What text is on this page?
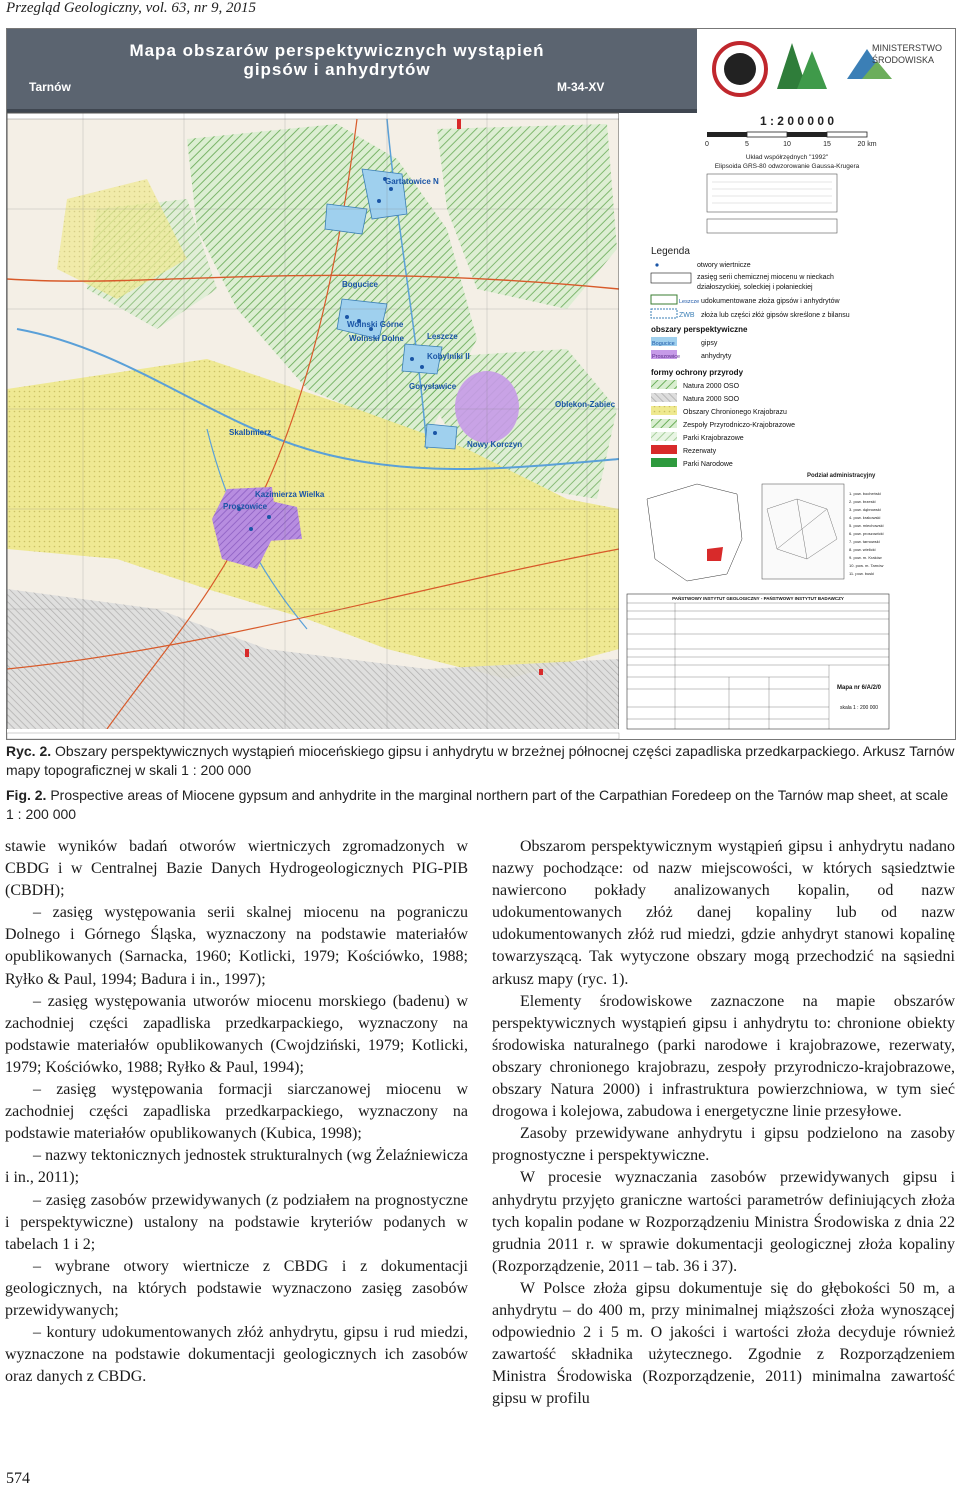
Przegląd Geologiczny, vol. 63, nr 9, 2015
Mapa obszarów perspektywicznych wystąpień
gipsów i anhydrytów
Tarnów	M-34-XV
MINISTERSTWO
ŚRODOWISKA
Gartatowice N
Bogucice
Wolnski Górne
Wolnski Dolne	Leszcze
Skalbmierz
Kazimierza Wielka
Proszowice
Nowy Korczyn
Oblekon-Zabiec
Kobylniki II
Gorysławice
1 : 2 0 0 0 0 0
0	5	10	15	20 km
Układ współrzędnych "1992"
Elipsoida GRS-80 odwzorowanie Gaussa-Krugera
Legenda
otwory wiertnicze
zasięg serii chemicznej miocenu w nieckach
działoszyckiej, soleckiej i połanieckiej
Leszcze udokumentowane złoża gipsów i anhydrytów
ZWB złoża lub części złóż gipsów skreślone z bilansu
obszary perspektywiczne
Bogucice	gipsy
Proszowice	anhydryty
formy ochrony przyrody
Natura 2000 OSO
Natura 2000 SOO
Obszary Chronionego Krajobrazu
Zespoły Przyrodniczo-Krajobrazowe
Parki Krajobrazowe
Rezerwaty
Parki Narodowe
Podział administracyjny
1. pow. bocheński
2. pow. brzeski
3. pow. dąbrowski
4. pow. krakowski
5. pow. miechowski
6. pow. proszowicki
7. pow. tarnowski
8. pow. wielicki
9. pow. m. Kraków
10. pow. m. Tarnów
11. pow. buski
PAŃSTWOWY INSTYTUT GEOLOGICZNY - PAŃSTWOWY INSTYTUT BADAWCZY
Mapa nr 6/A/2/0
skala 1 : 200 000
Ryc. 2. Obszary perspektywicznych wystąpień mioceńskiego gipsu i anhydrytu w brzeżnej północnej części zapadliska przedkarpackiego. Arkusz Tarnów mapy topograficznej w skali 1 : 200 000
Fig. 2. Prospective areas of Miocene gypsum and anhydrite in the marginal northern part of the Carpathian Foredeep on the Tarnów map sheet, at scale 1 : 200 000

stawie wyników badań otworów wiertniczych zgromadzonych w CBDG i w Centralnej Bazie Danych Hydrogeologicznych PIG-PIB (CBDH);

– zasięg występowania serii skalnej miocenu na pograniczu Dolnego i Górnego Śląska, wyznaczony na podstawie materiałów opublikowanych (Sarnacka, 1960; Kotlicki, 1979; Kościówko, 1988; Ryłko & Paul, 1994; Badura i in., 1997);

– zasięg występowania utworów miocenu morskiego (badenu) w zachodniej części zapadliska przedkarpackiego, wyznaczony na podstawie materiałów opublikowanych (Cwojdziński, 1979; Kotlicki, 1979; Kościówko, 1988; Ryłko & Paul, 1994);

– zasięg występowania formacji siarczanowej miocenu w zachodniej części zapadliska przedkarpackiego, wyznaczony na podstawie materiałów opublikowanych (Kubica, 1998);

– nazwy tektonicznych jednostek strukturalnych (wg Żelaźniewicza i in., 2011);

– zasięg zasobów przewidywanych (z podziałem na prognostyczne i perspektywiczne) ustalony na podstawie kryteriów podanych w tabelach 1 i 2;

– wybrane otwory wiertnicze z CBDG i z dokumentacji geologicznych, na których podstawie wyznaczono zasięg zasobów przewidywanych;

– kontury udokumentowanych złóż anhydrytu, gipsu i rud miedzi, wyznaczone na podstawie dokumentacji geologicznych ich zasobów oraz danych z CBDG.

Obszarom perspektywicznym wystąpień gipsu i anhydrytu nadano nazwy pochodzące: od nazw miejscowości, w których sąsiedztwie nawiercono pokłady analizowanych kopalin, od nazw udokumentowanych złóż danej kopaliny lub od nazw udokumentowanych złóż rud miedzi, gdzie anhydryt stanowi kopalinę towarzyszącą. Tak wytyczone obszary mogą przechodzić na sąsiedni arkusz mapy (ryc. 1).

Elementy środowiskowe zaznaczone na mapie obszarów perspektywicznych wystąpień gipsu i anhydrytu to: chronione obiekty środowiska naturalnego (parki narodowe i krajobrazowe, rezerwaty, obszary chronionego krajobrazu, zespoły przyrodniczo-krajobrazowe, obszary Natura 2000) i infrastruktura powierzchniowa, w tym sieć drogowa i kolejowa, zabudowa i energetyczne linie przesyłowe.

Zasoby przewidywane anhydrytu i gipsu podzielono na zasoby prognostyczne i perspektywiczne.

W procesie wyznaczania zasobów przewidywanych gipsu i anhydrytu przyjęto graniczne wartości parametrów definiujących złoża tych kopalin podane w Rozporządzeniu Ministra Środowiska z dnia 22 grudnia 2011 r. w sprawie dokumentacji geologicznej złoża kopaliny (Rozporządzenie, 2011 – tab. 36 i 37).

W Polsce złoża gipsu dokumentuje się do głębokości 50 m, a anhydrytu – do 400 m, przy minimalnej miąższości złoża wynoszącej odpowiednio 2 i 5 m. O jakości i wartości złoża decyduje również zawartość składnika użytecznego. Zgodnie z Rozporządzeniem Ministra Środowiska (Rozporządzenie, 2011) minimalna zawartość gipsu w profilu

574
